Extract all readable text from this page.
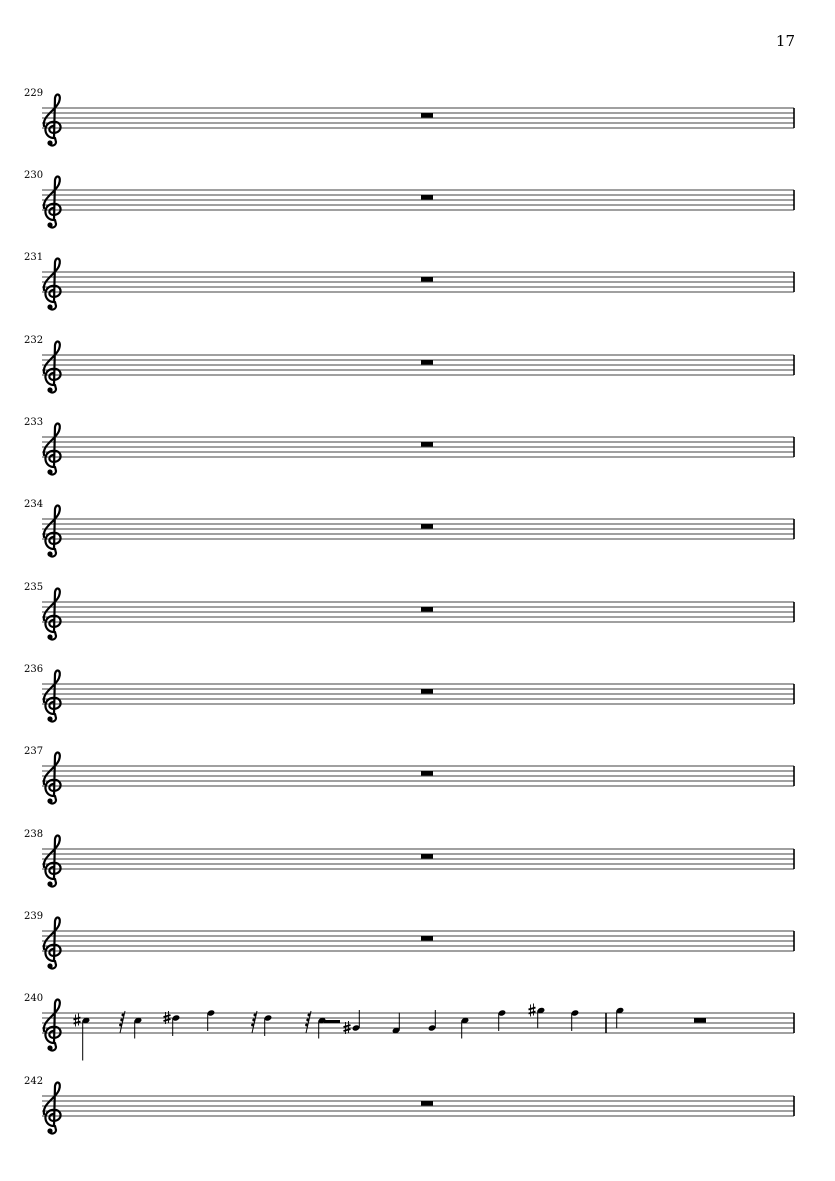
17
229
230
231
232
233
234
235
236
237
238
239
240
242
